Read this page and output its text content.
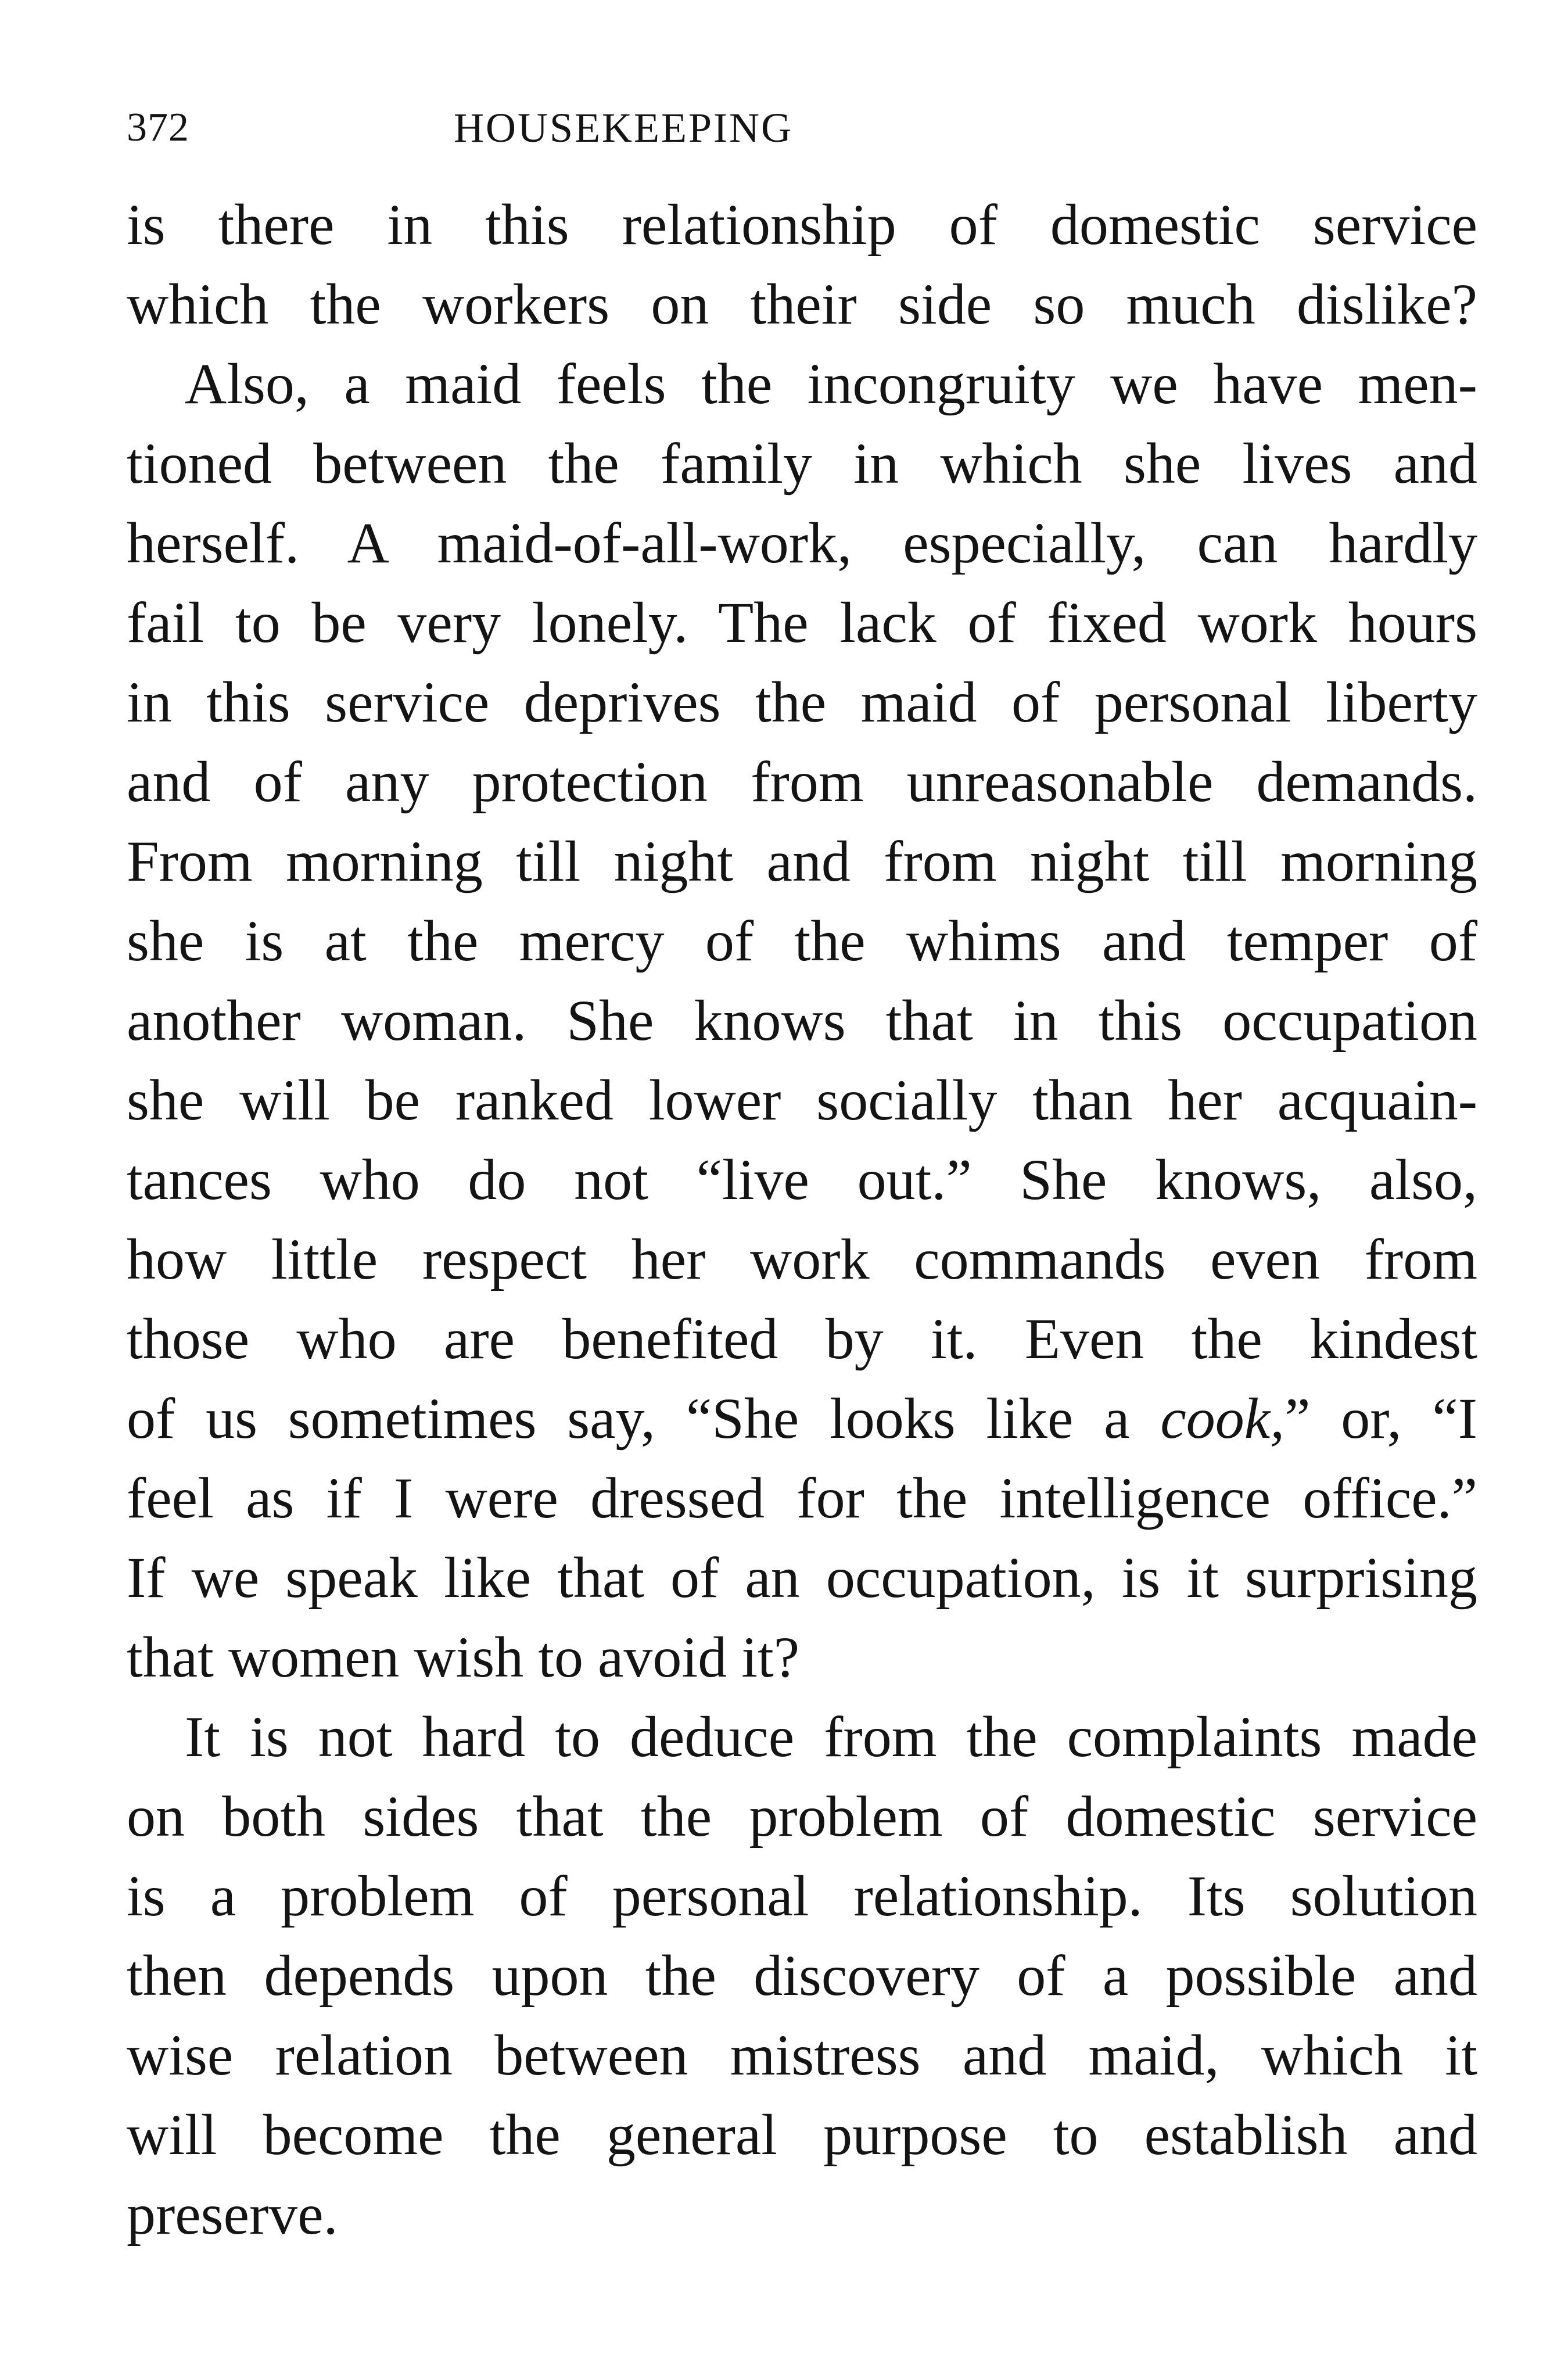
372	HOUSEKEEPING
is there in this relationship of domestic service
which the workers on their side so much dislike?
Also, a maid feels the incongruity we have men-
tioned between the family in which she lives and
herself. A maid-of-all-work, especially, can hardly
fail to be very lonely. The lack of fixed work hours
in this service deprives the maid of personal liberty
and of any protection from unreasonable demands.
From morning till night and from night till morning
she is at the mercy of the whims and temper of
another woman. She knows that in this occupation
she will be ranked lower socially than her acquain-
tances who do not “live out.” She knows, also,
how little respect her work commands even from
those who are benefited by it. Even the kindest
of us sometimes say, “She looks like a cook,” or, “I
feel as if I were dressed for the intelligence office.”
If we speak like that of an occupation, is it surprising
that women wish to avoid it?
It is not hard to deduce from the complaints made
on both sides that the problem of domestic service
is a problem of personal relationship. Its solution
then depends upon the discovery of a possible and
wise relation between mistress and maid, which it
will become the general purpose to establish and
preserve.
